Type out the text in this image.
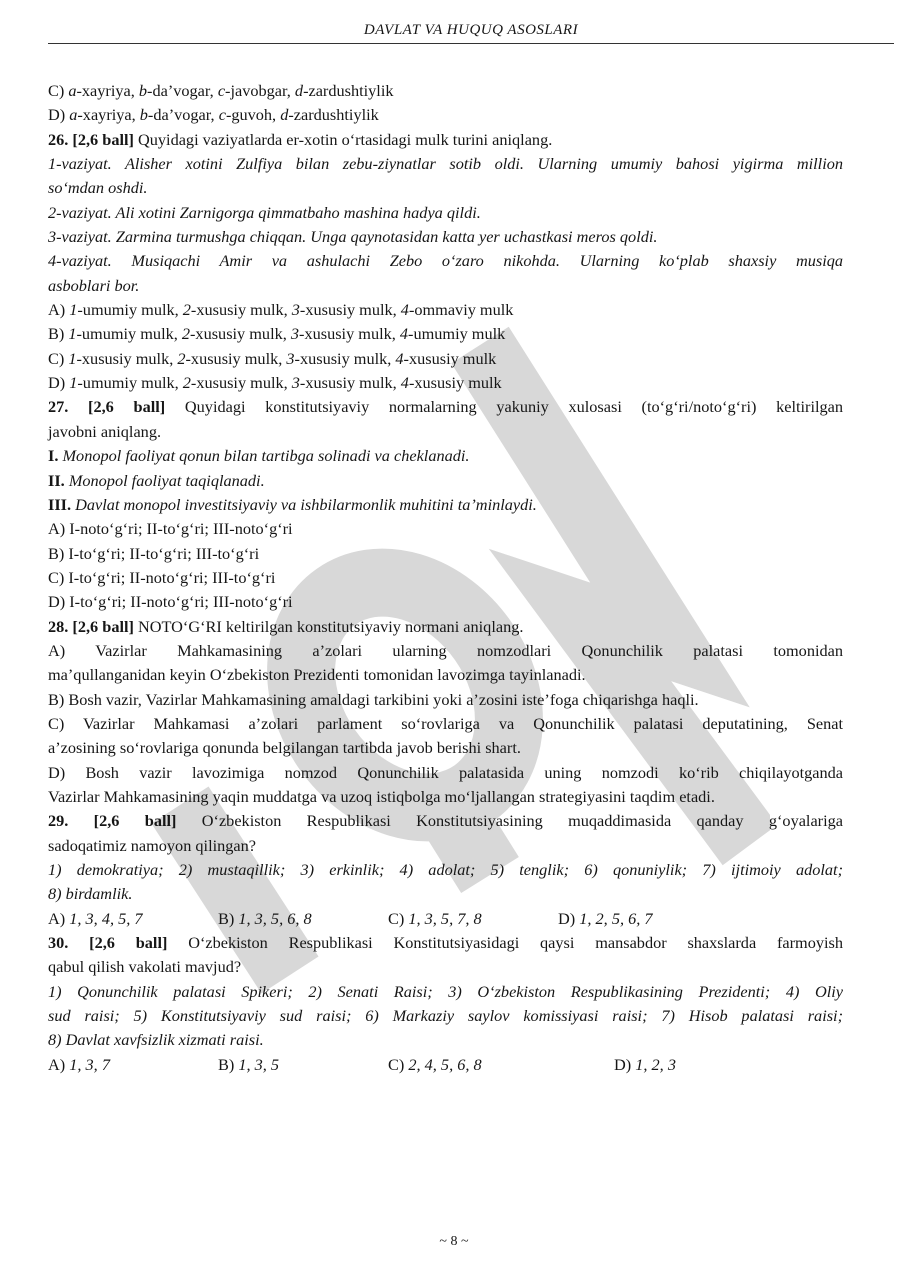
DAVLAT VA HUQUQ ASOSLARI

C) a-xayriya, b-da’vogar, c-javobgar, d-zardushtiylik

D) a-xayriya, b-da’vogar, c-guvoh, d-zardushtiylik

26. [2,6 ball] Quyidagi vaziyatlarda er-xotin o‘rtasidagi mulk turini aniqlang.

1-vaziyat. Alisher xotini Zulfiya bilan zebu-ziynatlar sotib oldi. Ularning umumiy bahosi yigirma million

so‘mdan oshdi.

2-vaziyat. Ali xotini Zarnigorga qimmatbaho mashina hadya qildi.

3-vaziyat. Zarmina turmushga chiqqan. Unga qaynotasidan katta yer uchastkasi meros qoldi.

4-vaziyat. Musiqachi Amir va ashulachi Zebo o‘zaro nikohda. Ularning ko‘plab shaxsiy musiqa

asboblari bor.

A) 1-umumiy mulk, 2-xususiy mulk, 3-xususiy mulk, 4-ommaviy mulk

B) 1-umumiy mulk, 2-xususiy mulk, 3-xususiy mulk, 4-umumiy mulk

C) 1-xususiy mulk, 2-xususiy mulk, 3-xususiy mulk, 4-xususiy mulk

D) 1-umumiy mulk, 2-xususiy mulk, 3-xususiy mulk, 4-xususiy mulk

27. [2,6 ball] Quyidagi konstitutsiyaviy normalarning yakuniy xulosasi (to‘g‘ri/noto‘g‘ri) keltirilgan

javobni aniqlang.

I. Monopol faoliyat qonun bilan tartibga solinadi va cheklanadi.

II. Monopol faoliyat taqiqlanadi.

III. Davlat monopol investitsiyaviy va ishbilarmonlik muhitini ta’minlaydi.

A) I-noto‘g‘ri; II-to‘g‘ri; III-noto‘g‘ri

B) I-to‘g‘ri; II-to‘g‘ri; III-to‘g‘ri

C) I-to‘g‘ri; II-noto‘g‘ri; III-to‘g‘ri

D) I-to‘g‘ri; II-noto‘g‘ri; III-noto‘g‘ri

28. [2,6 ball] NOTO‘G‘RI keltirilgan konstitutsiyaviy normani aniqlang.

A) Vazirlar Mahkamasining a’zolari ularning nomzodlari Qonunchilik palatasi tomonidan

ma’qullanganidan keyin O‘zbekiston Prezidenti tomonidan lavozimga tayinlanadi.

B) Bosh vazir, Vazirlar Mahkamasining amaldagi tarkibini yoki a’zosini iste’foga chiqarishga haqli.

C) Vazirlar Mahkamasi a’zolari parlament so‘rovlariga va Qonunchilik palatasi deputatining, Senat

a’zosining so‘rovlariga qonunda belgilangan tartibda javob berishi shart.

D) Bosh vazir lavozimiga nomzod Qonunchilik palatasida uning nomzodi ko‘rib chiqilayotganda

Vazirlar Mahkamasining yaqin muddatga va uzoq istiqbolga mo‘ljallangan strategiyasini taqdim etadi.

29. [2,6 ball] O‘zbekiston Respublikasi Konstitutsiyasining muqaddimasida qanday g‘oyalariga

sadoqatimiz namoyon qilingan?

1) demokratiya; 2) mustaqillik; 3) erkinlik; 4) adolat; 5) tenglik; 6) qonuniylik; 7) ijtimoiy adolat;

8) birdamlik.

A) 1, 3, 4, 5, 7	B) 1, 3, 5, 6, 8	C) 1, 3, 5, 7, 8	D) 1, 2, 5, 6, 7

30. [2,6 ball] O‘zbekiston Respublikasi Konstitutsiyasidagi qaysi mansabdor shaxslarda farmoyish

qabul qilish vakolati mavjud?

1) Qonunchilik palatasi Spikeri; 2) Senati Raisi; 3) O‘zbekiston Respublikasining Prezidenti; 4) Oliy

sud raisi; 5) Konstitutsiyaviy sud raisi; 6) Markaziy saylov komissiyasi raisi; 7) Hisob palatasi raisi;

8) Davlat xavfsizlik xizmati raisi.

A) 1, 3, 7	B) 1, 3, 5	C) 2, 4, 5, 6, 8	D) 1, 2, 3
~ 8 ~
